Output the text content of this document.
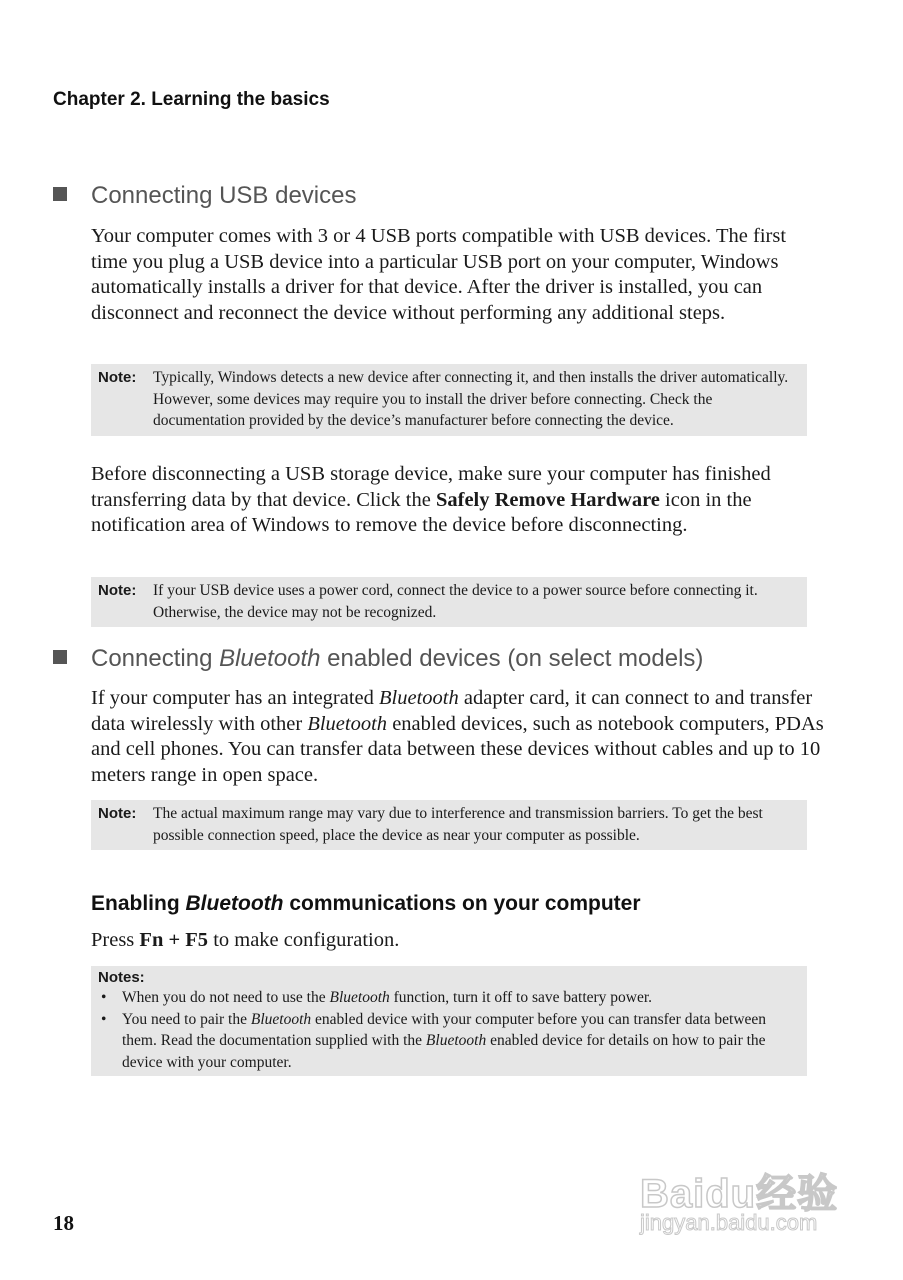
Chapter 2. Learning the basics
Connecting USB devices
Your computer comes with 3 or 4 USB ports compatible with USB devices. The first time you plug a USB device into a particular USB port on your computer, Windows automatically installs a driver for that device. After the driver is installed, you can disconnect and reconnect the device without performing any additional steps.
Note:	Typically, Windows detects a new device after connecting it, and then installs the driver automatically. However, some devices may require you to install the driver before connecting. Check the documentation provided by the device’s manufacturer before connecting the device.
Before disconnecting a USB storage device, make sure your computer has finished transferring data by that device. Click the Safely Remove Hardware icon in the notification area of Windows to remove the device before disconnecting.
Note:	If your USB device uses a power cord, connect the device to a power source before connecting it. Otherwise, the device may not be recognized.
Connecting Bluetooth enabled devices (on select models)
If your computer has an integrated Bluetooth adapter card, it can connect to and transfer data wirelessly with other Bluetooth enabled devices, such as notebook computers, PDAs and cell phones. You can transfer data between these devices without cables and up to 10 meters range in open space.
Note:	The actual maximum range may vary due to interference and transmission barriers. To get the best possible connection speed, place the device as near your computer as possible.
Enabling Bluetooth communications on your computer
Press Fn + F5 to make configuration.
Notes:
• When you do not need to use the Bluetooth function, turn it off to save battery power.
• You need to pair the Bluetooth enabled device with your computer before you can transfer data between them. Read the documentation supplied with the Bluetooth enabled device for details on how to pair the device with your computer.
18
Baidu经验
jingyan.baidu.com
